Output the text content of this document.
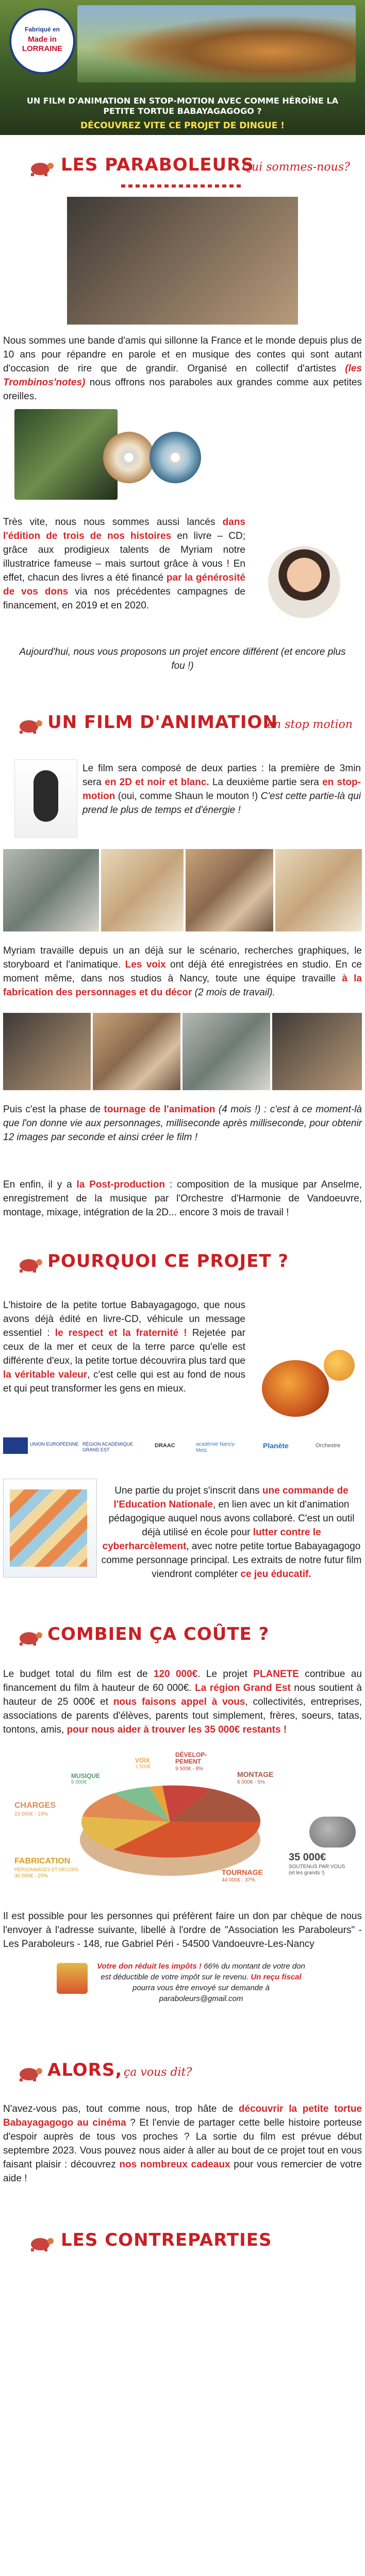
Fabriqué en
Made in LORRAINE
UN FILM D'ANIMATION EN STOP-MOTION AVEC COMME HÉROÏNE LA PETITE TORTUE BABAYAGAGOGO ?
DÉCOUVREZ VITE CE PROJET DE DINGUE !
LES PARABOLEURS
Qui sommes-nous?

Nous sommes une bande d'amis qui sillonne la France et le monde depuis plus de 10 ans pour répandre en parole et en musique des contes qui sont autant d'occasion de rire que de grandir. Organisé en collectif d'artistes (les Trombinos'notes) nous offrons nos paraboles aux grandes comme aux petites oreilles.

Très vite, nous nous sommes aussi lancés dans l'édition de trois de nos histoires en livre – CD; grâce aux prodigieux talents de Myriam notre illustratrice fameuse – mais surtout grâce à vous ! En effet, chacun des livres a été financé par la générosité de vos dons via nos précédentes campagnes de financement, en 2019 et en 2020.

Aujourd'hui, nous vous proposons un projet encore différent (et encore plus fou !)

UN FILM D'ANIMATION
en stop motion

Le film sera composé de deux parties : la première de 3min sera en 2D et noir et blanc. La deuxième partie sera en stop-motion (oui, comme Shaun le mouton !) C'est cette partie-là qui prend le plus de temps et d'énergie !

Myriam travaille depuis un an déjà sur le scénario, recherches graphiques, le storyboard et l'animatique. Les voix ont déjà été enregistrées en studio. En ce moment même, dans nos studios à Nancy, toute une équipe travaille à la fabrication des personnages et du décor (2 mois de travail).

Puis c'est la phase de tournage de l'animation (4 mois !) : c'est à ce moment-là que l'on donne vie aux personnages, milliseconde après milliseconde, pour obtenir 12 images par seconde et ainsi créer le film !

En enfin, il y a la Post-production : composition de la musique par Anselme, enregistrement de la musique par l'Orchestre d'Harmonie de Vandoeuvre, montage, mixage, intégration de la 2D... encore 3 mois de travail !

POURQUOI CE PROJET ?

L'histoire de la petite tortue Babayagagogo, que nous avons déjà édité en livre-CD, véhicule un message essentiel : le respect et la fraternité ! Rejetée par ceux de la mer et ceux de la terre parce qu'elle est différente d'eux, la petite tortue découvrira plus tard que la véritable valeur, c'est celle qui est au fond de nous et qui peut transformer les gens en mieux.

UNION EUROPÉENNE RÉGION ACADÉMIQUE GRAND EST
DRAAC	académie Nancy-Metz
Planète	Orchestre

Une partie du projet s'inscrit dans une commande de l'Education Nationale, en lien avec un kit d'animation pédagogique auquel nous avons collaboré. C'est un outil déjà utilisé en école pour lutter contre le cyberharcèlement, avec notre petite tortue Babayagagogo comme personnage principal. Les extraits de notre futur film viendront compléter ce jeu éducatif.

COMBIEN ÇA COÛTE ?

Le budget total du film est de 120 000€. Le projet PLANETE contribue au financement du film à hauteur de 60 000€. La région Grand Est nous soutient à hauteur de 25 000€ et nous faisons appel à vous, collectivités, entreprises, associations de parents d'élèves, parents tout simplement, frères, soeurs, tatas, tontons, amis, pour nous aider à trouver les 35 000€ restants !

VOIX
1 500€
DÉVELOP-PEMENT
9 500€ - 8%
MONTAGE
6 000€ - 5%
MUSIQUE
5 000€
CHARGES
23 000€ - 19%
FABRICATION
PERSONNAGES ET DÉCORS
30 000€ - 25%	TOURNAGE
44 000€ - 37%
35 000€
SOUTENUS PAR VOUS (et les grands !)

Il est possible pour les personnes qui préfèrent faire un don par chèque de nous l'envoyer à l'adresse suivante, libellé à l'ordre de "Association les Paraboleurs" - Les Paraboleurs - 148, rue Gabriel Péri - 54500 Vandoeuvre-Les-Nancy

Votre don réduit les impôts ! 66% du montant de votre don est déductible de votre impôt sur le revenu. Un reçu fiscal pourra vous être envoyé sur demande à paraboleurs@gmail.com

ALORS, ça vous dit?

N'avez-vous pas, tout comme nous, trop hâte de découvrir la petite tortue Babayagagogo au cinéma ? Et l'envie de partager cette belle histoire porteuse d'espoir auprès de tous vos proches ? La sortie du film est prévue début septembre 2023. Vous pouvez nous aider à aller au bout de ce projet tout en vous faisant plaisir : découvrez nos nombreux cadeaux pour vous remercier de votre aide !

LES CONTREPARTIES
